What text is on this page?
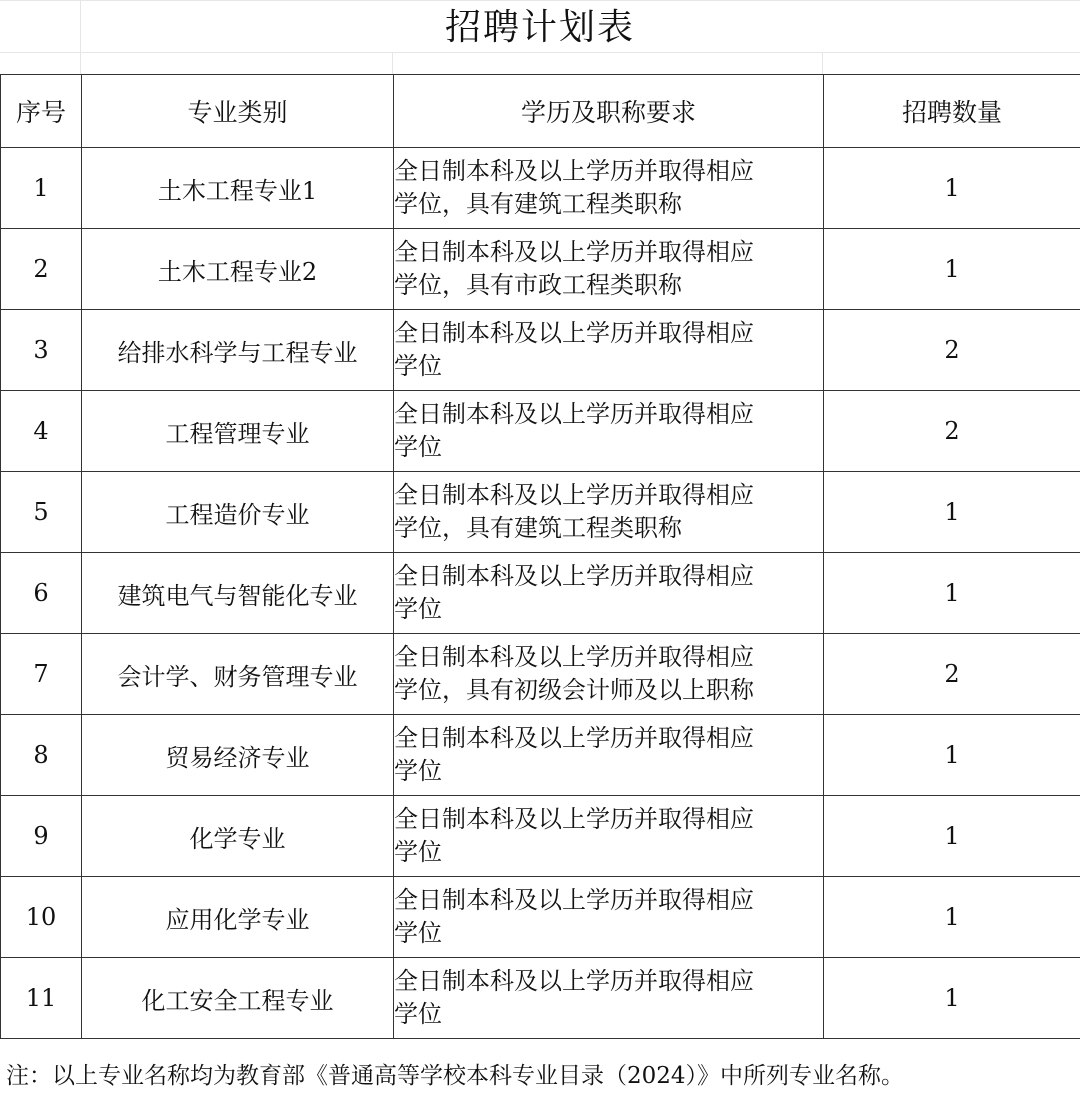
招聘计划表
序号	专业类别	学历及职称要求	招聘数量
1	土木工程专业1	全日制本科及以上学历并取得相应
学位，具有建筑工程类职称	1
2	土木工程专业2	全日制本科及以上学历并取得相应
学位，具有市政工程类职称	1
3	给排水科学与工程专业	全日制本科及以上学历并取得相应
学位	2
4	工程管理专业	全日制本科及以上学历并取得相应
学位	2
5	工程造价专业	全日制本科及以上学历并取得相应
学位，具有建筑工程类职称	1
6	建筑电气与智能化专业	全日制本科及以上学历并取得相应
学位	1
7	会计学、财务管理专业	全日制本科及以上学历并取得相应
学位，具有初级会计师及以上职称	2
8	贸易经济专业	全日制本科及以上学历并取得相应
学位	1
9	化学专业	全日制本科及以上学历并取得相应
学位	1
10	应用化学专业	全日制本科及以上学历并取得相应
学位	1
11	化工安全工程专业	全日制本科及以上学历并取得相应
学位	1
注：以上专业名称均为教育部《普通高等学校本科专业目录（2024）》中所列专业名称。
